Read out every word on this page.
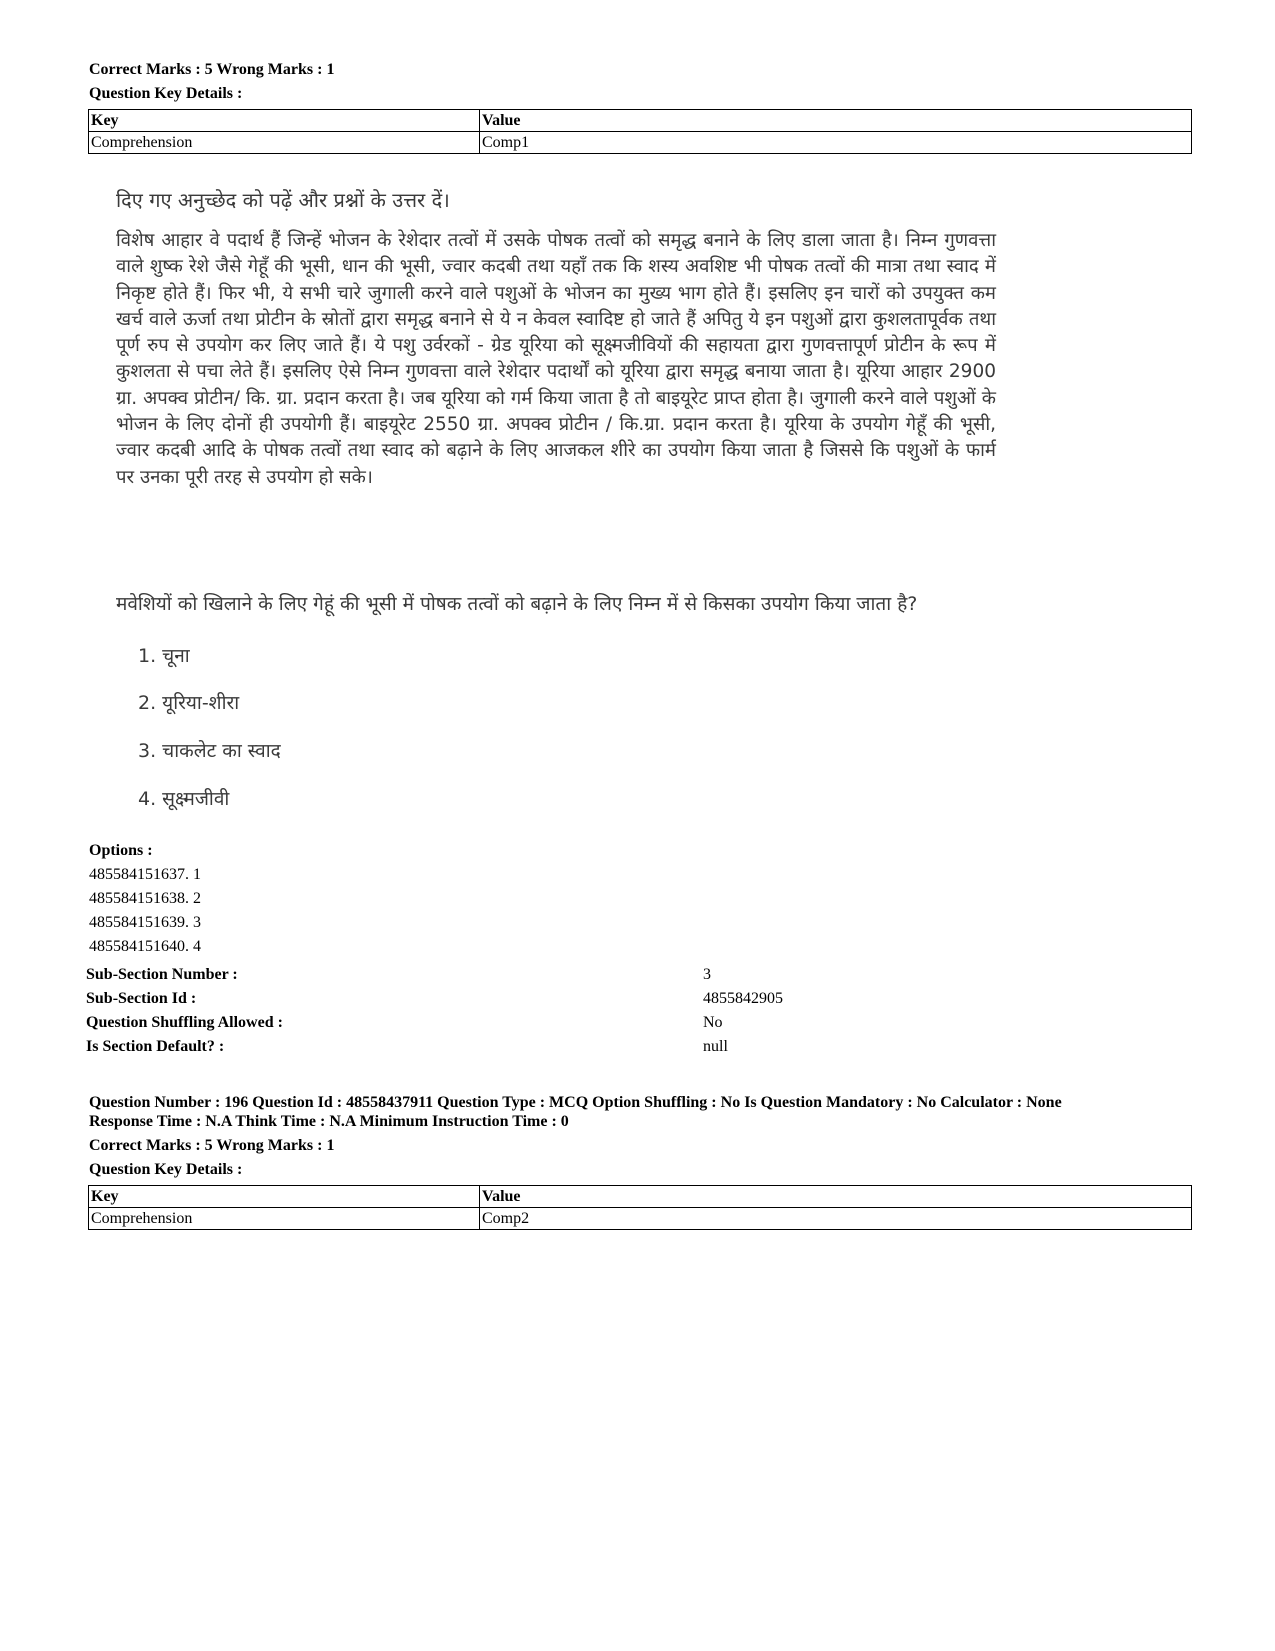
Correct Marks : 5 Wrong Marks : 1
Question Key Details :
Key	Value
Comprehension	Comp1
दिए गए अनुच्छेद को पढ़ें और प्रश्नों के उत्तर दें।
विशेष आहार वे पदार्थ हैं जिन्हें भोजन के रेशेदार तत्वों में उसके पोषक तत्वों को समृद्ध बनाने के लिए डाला जाता है। निम्न गुणवत्ता वाले शुष्क रेशे जैसे गेहूँ की भूसी, धान की भूसी, ज्वार कदबी तथा यहाँ तक कि शस्य अवशिष्ट भी पोषक तत्वों की मात्रा तथा स्वाद में निकृष्ट होते हैं। फिर भी, ये सभी चारे जुगाली करने वाले पशुओं के भोजन का मुख्य भाग होते हैं। इसलिए इन चारों को उपयुक्त कम खर्च वाले ऊर्जा तथा प्रोटीन के स्रोतों द्वारा समृद्ध बनाने से ये न केवल स्वादिष्ट हो जाते हैं अपितु ये इन पशुओं द्वारा कुशलतापूर्वक तथा पूर्ण रुप से उपयोग कर लिए जाते हैं। ये पशु उर्वरकों - ग्रेड यूरिया को सूक्ष्मजीवियों की सहायता द्वारा गुणवत्तापूर्ण प्रोटीन के रूप में कुशलता से पचा लेते हैं। इसलिए ऐसे निम्न गुणवत्ता वाले रेशेदार पदार्थों को यूरिया द्वारा समृद्ध बनाया जाता है। यूरिया आहार 2900 ग्रा. अपक्व प्रोटीन/ कि. ग्रा. प्रदान करता है। जब यूरिया को गर्म किया जाता है तो बाइयूरेट प्राप्त होता है। जुगाली करने वाले पशुओं के भोजन के लिए दोनों ही उपयोगी हैं। बाइयूरेट 2550 ग्रा. अपक्व प्रोटीन / कि.ग्रा. प्रदान करता है। यूरिया के उपयोग गेहूँ की भूसी, ज्वार कदबी आदि के पोषक तत्वों तथा स्वाद को बढ़ाने के लिए आजकल शीरे का उपयोग किया जाता है जिससे कि पशुओं के फार्म पर उनका पूरी तरह से उपयोग हो सके।
मवेशियों को खिलाने के लिए गेहूं की भूसी में पोषक तत्वों को बढ़ाने के लिए निम्न में से किसका उपयोग किया जाता है?
1. चूना
2. यूरिया-शीरा
3. चाकलेट का स्वाद
4. सूक्ष्मजीवी
Options :
485584151637. 1
485584151638. 2
485584151639. 3
485584151640. 4
Sub-Section Number :	3
Sub-Section Id :	4855842905
Question Shuffling Allowed :	No
Is Section Default? :	null
Question Number : 196 Question Id : 48558437911 Question Type : MCQ Option Shuffling : No Is Question Mandatory : No Calculator : None
Response Time : N.A Think Time : N.A Minimum Instruction Time : 0
Correct Marks : 5 Wrong Marks : 1
Question Key Details :
Key	Value
Comprehension	Comp2
